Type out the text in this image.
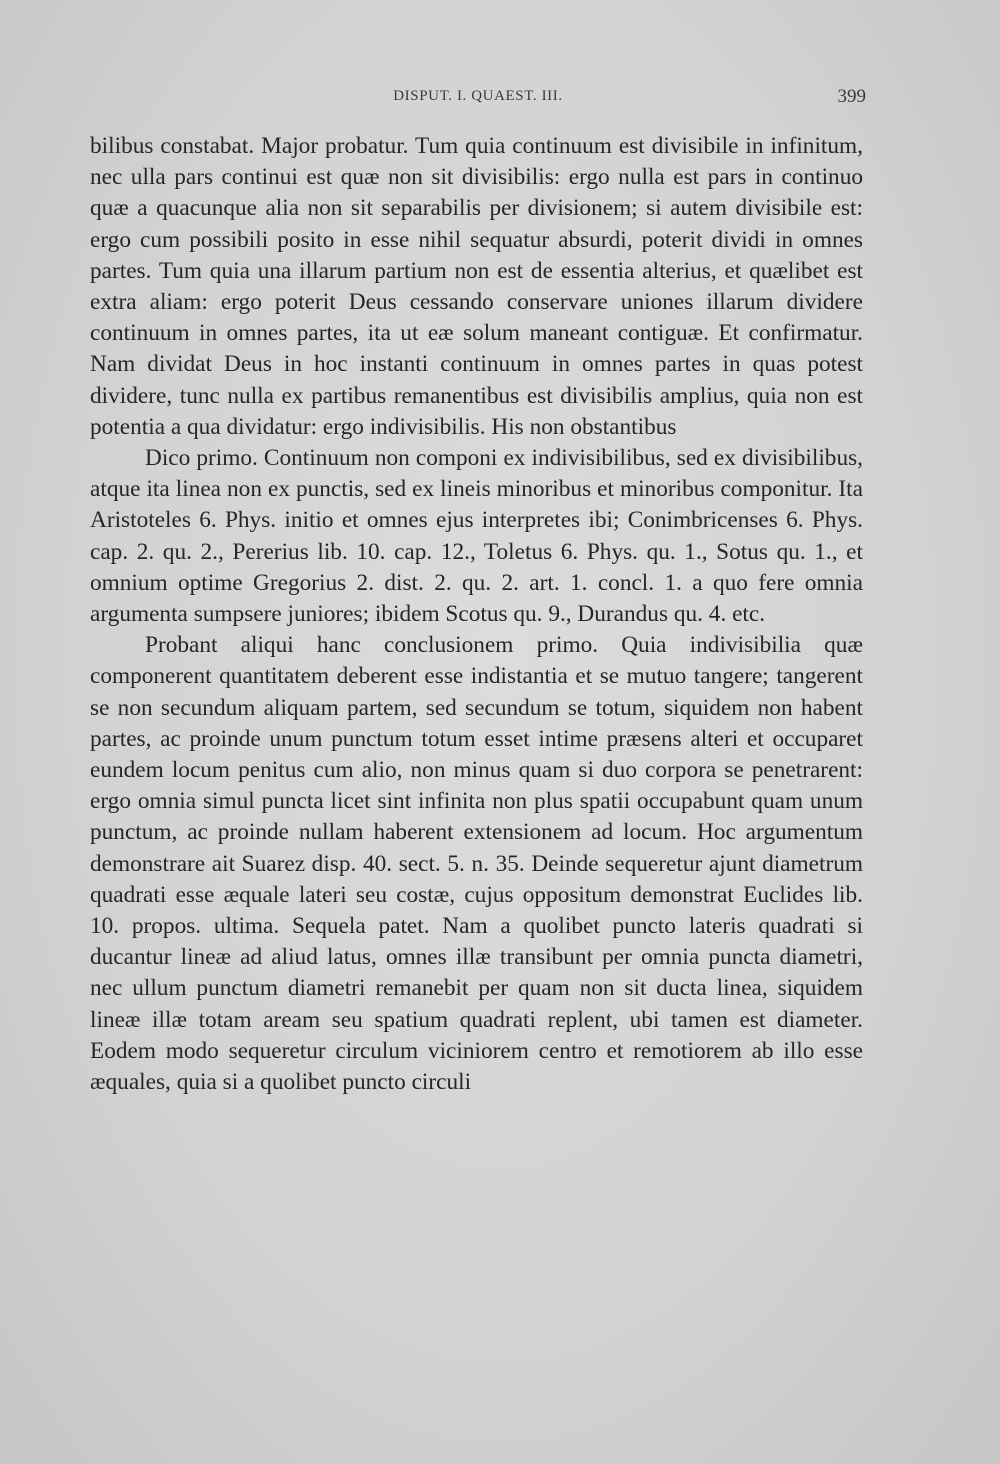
DISPUT. I. QUAEST. III.	399

bilibus constabat. Major probatur. Tum quia continuum est divisibile in infinitum, nec ulla pars continui est quæ non sit divisibilis: ergo nulla est pars in continuo quæ a quacunque alia non sit separabilis per divisionem; si autem divisibile est: ergo cum possibili posito in esse nihil sequatur absurdi, poterit dividi in omnes partes. Tum quia una illarum partium non est de essentia alterius, et quælibet est extra aliam: ergo poterit Deus cessando conservare uniones illarum dividere continuum in omnes partes, ita ut eæ solum maneant contiguæ. Et confirmatur. Nam dividat Deus in hoc instanti continuum in omnes partes in quas potest dividere, tunc nulla ex partibus remanentibus est divisibilis amplius, quia non est potentia a qua dividatur: ergo indivisibilis. His non obstantibus

Dico primo. Continuum non componi ex indivisibilibus, sed ex divisibilibus, atque ita linea non ex punctis, sed ex lineis minoribus et minoribus componitur. Ita Aristoteles 6. Phys. initio et omnes ejus interpretes ibi; Conimbricenses 6. Phys. cap. 2. qu. 2., Pererius lib. 10. cap. 12., Toletus 6. Phys. qu. 1., Sotus qu. 1., et omnium optime Gregorius 2. dist. 2. qu. 2. art. 1. concl. 1. a quo fere omnia argumenta sumpsere juniores; ibidem Scotus qu. 9., Durandus qu. 4. etc.

Probant aliqui hanc conclusionem primo. Quia indivisibilia quæ componerent quantitatem deberent esse indistantia et se mutuo tangere; tangerent se non secundum aliquam partem, sed secundum se totum, siquidem non habent partes, ac proinde unum punctum totum esset intime præsens alteri et occuparet eundem locum penitus cum alio, non minus quam si duo corpora se penetrarent: ergo omnia simul puncta licet sint infinita non plus spatii occupabunt quam unum punctum, ac proinde nullam haberent extensionem ad locum. Hoc argumentum demonstrare ait Suarez disp. 40. sect. 5. n. 35. Deinde sequeretur ajunt diametrum quadrati esse æquale lateri seu costæ, cujus oppositum demonstrat Euclides lib. 10. propos. ultima. Sequela patet. Nam a quolibet puncto lateris quadrati si ducantur lineæ ad aliud latus, omnes illæ transibunt per omnia puncta diametri, nec ullum punctum diametri remanebit per quam non sit ducta linea, siquidem lineæ illæ totam aream seu spatium quadrati replent, ubi tamen est diameter. Eodem modo sequeretur circulum viciniorem centro et remotiorem ab illo esse æquales, quia si a quolibet puncto circuli
